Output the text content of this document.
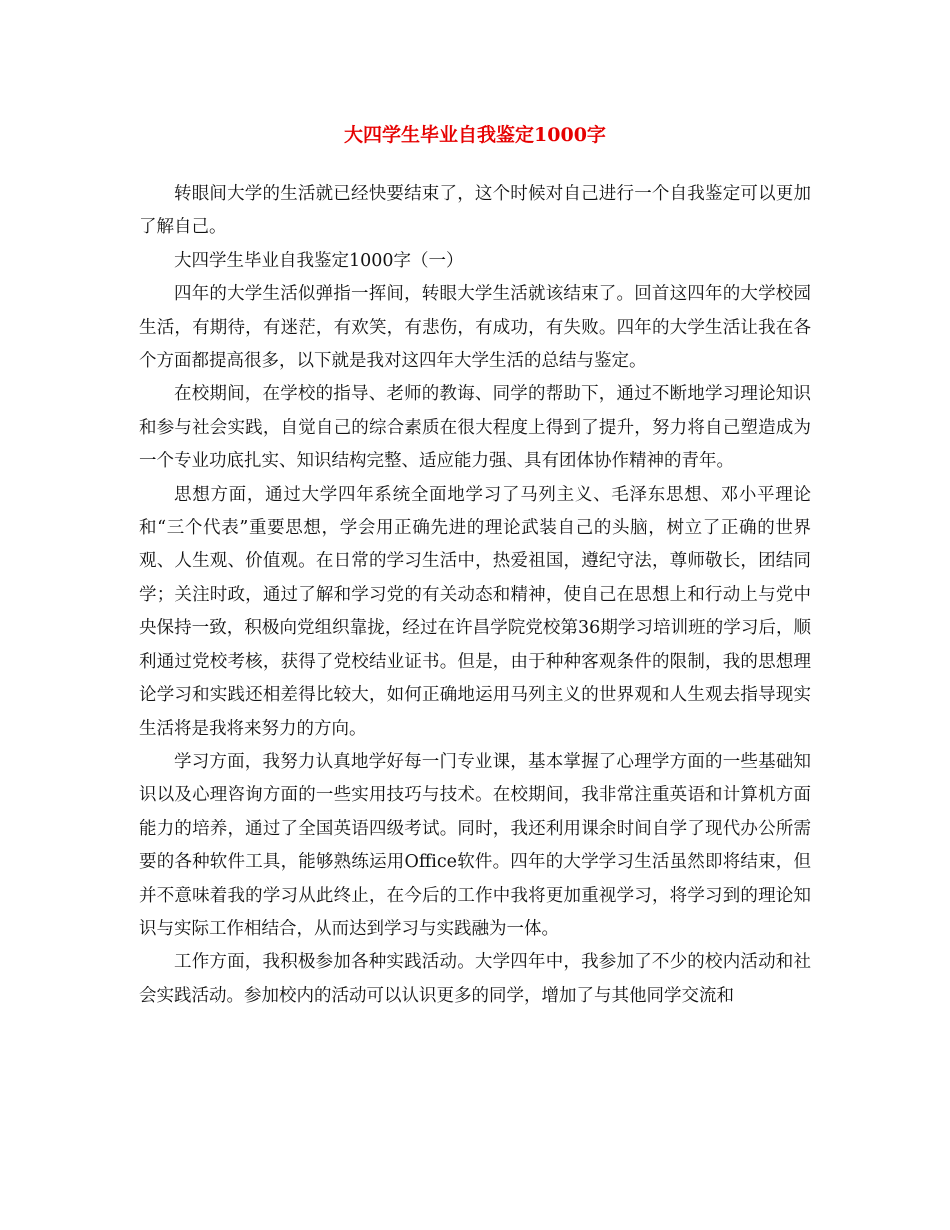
大四学生毕业自我鉴定1000字

转眼间大学的生活就已经快要结束了，这个时候对自己进行一个自我鉴定可以更加了解自己。

大四学生毕业自我鉴定1000字（一）

四年的大学生活似弹指一挥间，转眼大学生活就该结束了。回首这四年的大学校园生活，有期待，有迷茫，有欢笑，有悲伤，有成功，有失败。四年的大学生活让我在各个方面都提高很多，以下就是我对这四年大学生活的总结与鉴定。

在校期间，在学校的指导、老师的教诲、同学的帮助下，通过不断地学习理论知识和参与社会实践，自觉自己的综合素质在很大程度上得到了提升，努力将自己塑造成为一个专业功底扎实、知识结构完整、适应能力强、具有团体协作精神的青年。

思想方面，通过大学四年系统全面地学习了马列主义、毛泽东思想、邓小平理论和“三个代表”重要思想，学会用正确先进的理论武装自己的头脑，树立了正确的世界观、人生观、价值观。在日常的学习生活中，热爱祖国，遵纪守法，尊师敬长，团结同学；关注时政，通过了解和学习党的有关动态和精神，使自己在思想上和行动上与党中央保持一致，积极向党组织靠拢，经过在许昌学院党校第36期学习培训班的学习后，顺利通过党校考核，获得了党校结业证书。但是，由于种种客观条件的限制，我的思想理论学习和实践还相差得比较大，如何正确地运用马列主义的世界观和人生观去指导现实生活将是我将来努力的方向。

学习方面，我努力认真地学好每一门专业课，基本掌握了心理学方面的一些基础知识以及心理咨询方面的一些实用技巧与技术。在校期间，我非常注重英语和计算机方面能力的培养，通过了全国英语四级考试。同时，我还利用课余时间自学了现代办公所需要的各种软件工具，能够熟练运用Office软件。四年的大学学习生活虽然即将结束，但并不意味着我的学习从此终止，在今后的工作中我将更加重视学习，将学习到的理论知识与实际工作相结合，从而达到学习与实践融为一体。

工作方面，我积极参加各种实践活动。大学四年中，我参加了不少的校内活动和社会实践活动。参加校内的活动可以认识更多的同学，增加了与其他同学交流和
